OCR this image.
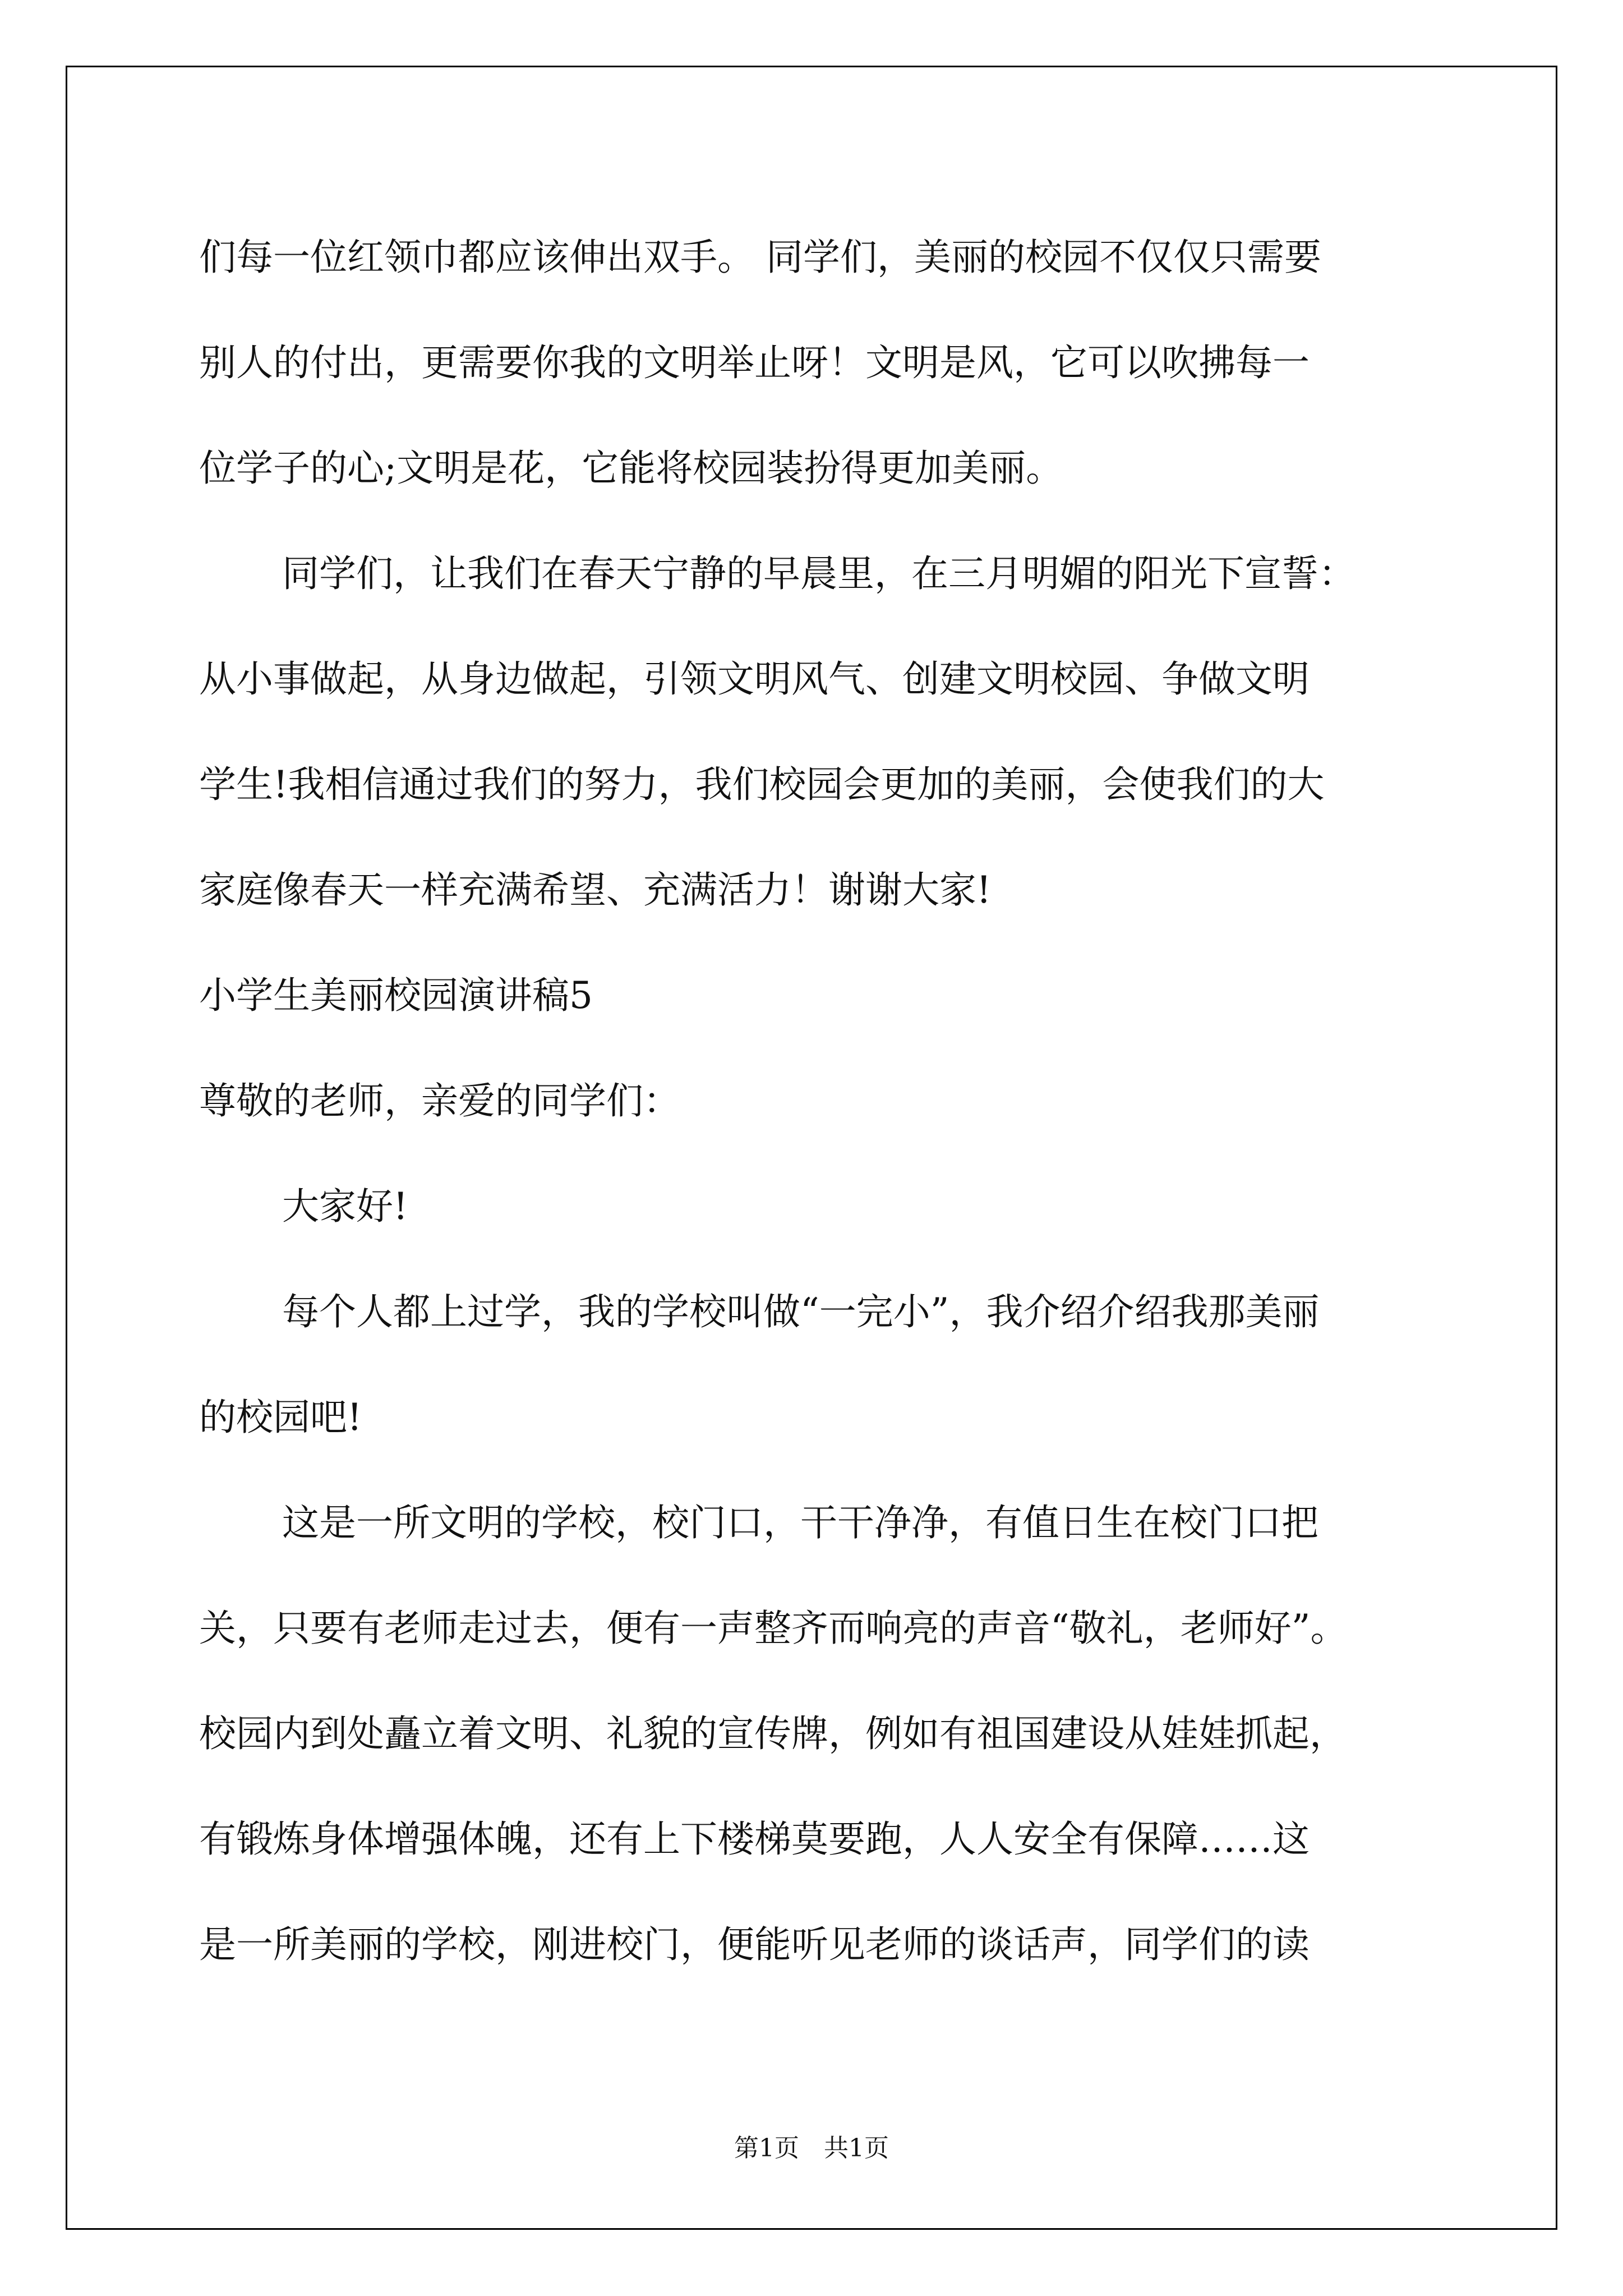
们每一位红领巾都应该伸出双手。 同学们，美丽的校园不仅仅只需要

别人的付出，更需要你我的文明举止呀！文明是风，它可以吹拂每一

位学子的心;文明是花，它能将校园装扮得更加美丽。

同学们，让我们在春天宁静的早晨里，在三月明媚的阳光下宣誓：

从小事做起，从身边做起，引领文明风气、创建文明校园、争做文明

学生!我相信通过我们的努力，我们校园会更加的美丽，会使我们的大

家庭像春天一样充满希望、充满活力！谢谢大家!

小学生美丽校园演讲稿5

尊敬的老师，亲爱的同学们：

大家好!

每个人都上过学，我的学校叫做“一完小”，我介绍介绍我那美丽

的校园吧!

这是一所文明的学校，校门口，干干净净，有值日生在校门口把

关，只要有老师走过去，便有一声整齐而响亮的声音“敬礼，老师好”。

校园内到处矗立着文明、礼貌的宣传牌，例如有祖国建设从娃娃抓起，

有锻炼身体增强体魄，还有上下楼梯莫要跑，人人安全有保障……这

是一所美丽的学校，刚进校门，便能听见老师的谈话声，同学们的读

第1页　共1页
